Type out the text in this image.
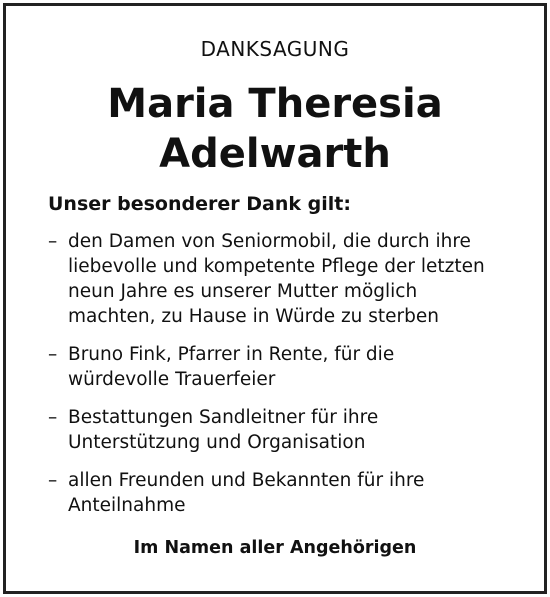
DANKSAGUNG

Maria Theresia
Adelwarth

Unser besonderer Dank gilt:

– den Damen von Seniormobil, die durch ihre
liebevolle und kompetente Pflege der letzten
neun Jahre es unserer Mutter möglich
machten, zu Hause in Würde zu sterben
– Bruno Fink, Pfarrer in Rente, für die
würdevolle Trauerfeier
– Bestattungen Sandleitner für ihre
Unterstützung und Organisation
– allen Freunden und Bekannten für ihre
Anteilnahme

Im Namen aller Angehörigen
